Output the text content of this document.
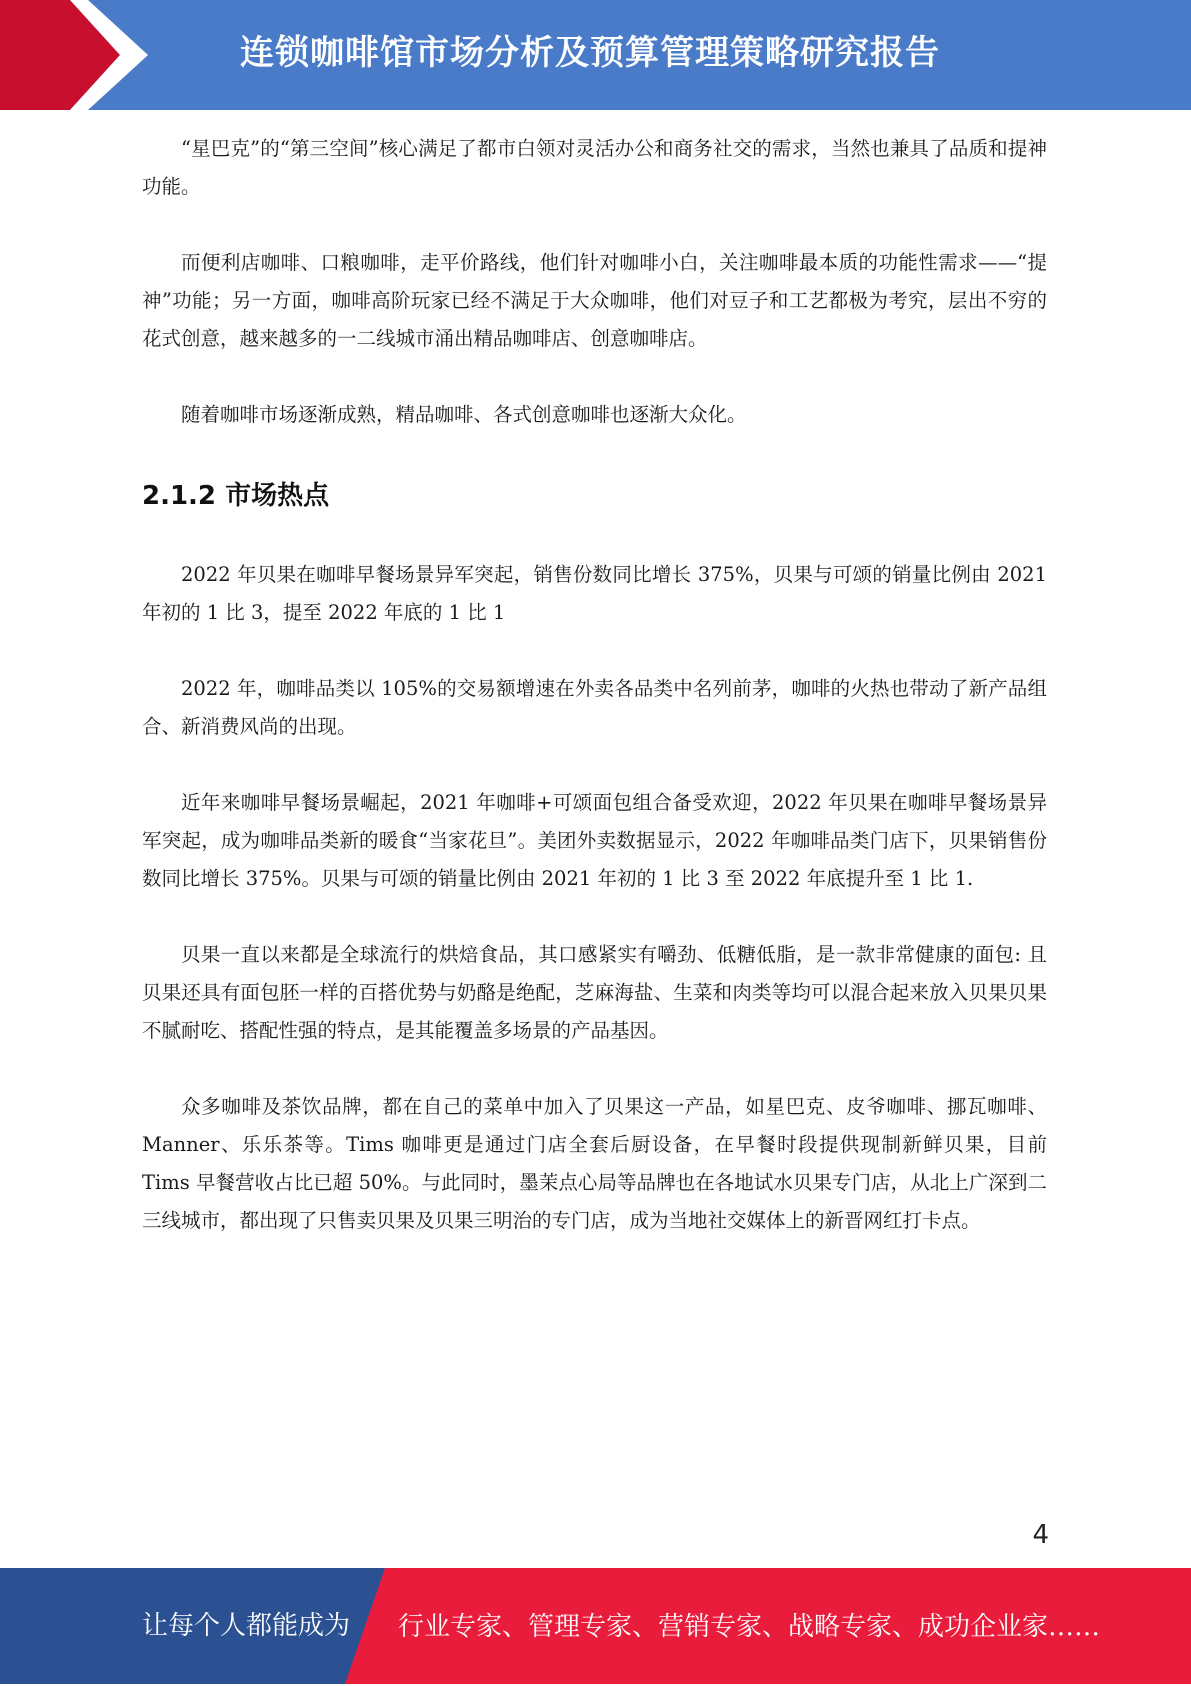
连锁咖啡馆市场分析及预算管理策略研究报告

“星巴克”的“第三空间”核心满足了都市白领对灵活办公和商务社交的需求，当然也兼具了品质和提神功能。

而便利店咖啡、口粮咖啡，走平价路线，他们针对咖啡小白，关注咖啡最本质的功能性需求——“提神”功能；另一方面，咖啡高阶玩家已经不满足于大众咖啡，他们对豆子和工艺都极为考究，层出不穷的花式创意，越来越多的一二线城市涌出精品咖啡店、创意咖啡店。

随着咖啡市场逐渐成熟，精品咖啡、各式创意咖啡也逐渐大众化。

2.1.2 市场热点

2022 年贝果在咖啡早餐场景异军突起，销售份数同比增长 375%，贝果与可颂的销量比例由 2021 年初的 1 比 3，提至 2022 年底的 1 比 1

2022 年，咖啡品类以 105%的交易额增速在外卖各品类中名列前茅，咖啡的火热也带动了新产品组合、新消费风尚的出现。

近年来咖啡早餐场景崛起，2021 年咖啡+可颂面包组合备受欢迎，2022 年贝果在咖啡早餐场景异军突起，成为咖啡品类新的暖食“当家花旦”。美团外卖数据显示，2022 年咖啡品类门店下，贝果销售份数同比增长 375%。贝果与可颂的销量比例由 2021 年初的 1 比 3 至 2022 年底提升至 1 比 1.

贝果一直以来都是全球流行的烘焙食品，其口感紧实有嚼劲、低糖低脂，是一款非常健康的面包: 且贝果还具有面包胚一样的百搭优势与奶酪是绝配，芝麻海盐、生菜和肉类等均可以混合起来放入贝果贝果不腻耐吃、搭配性强的特点，是其能覆盖多场景的产品基因。

众多咖啡及茶饮品牌，都在自己的菜单中加入了贝果这一产品，如星巴克、皮爷咖啡、挪瓦咖啡、Manner、乐乐茶等。Tims 咖啡更是通过门店全套后厨设备，在早餐时段提供现制新鲜贝果，目前 Tims 早餐营收占比已超 50%。与此同时，墨茉点心局等品牌也在各地试水贝果专门店，从北上广深到二三线城市，都出现了只售卖贝果及贝果三明治的专门店，成为当地社交媒体上的新晋网红打卡点。

4
让每个人都能成为 行业专家、管理专家、营销专家、战略专家、成功企业家……
